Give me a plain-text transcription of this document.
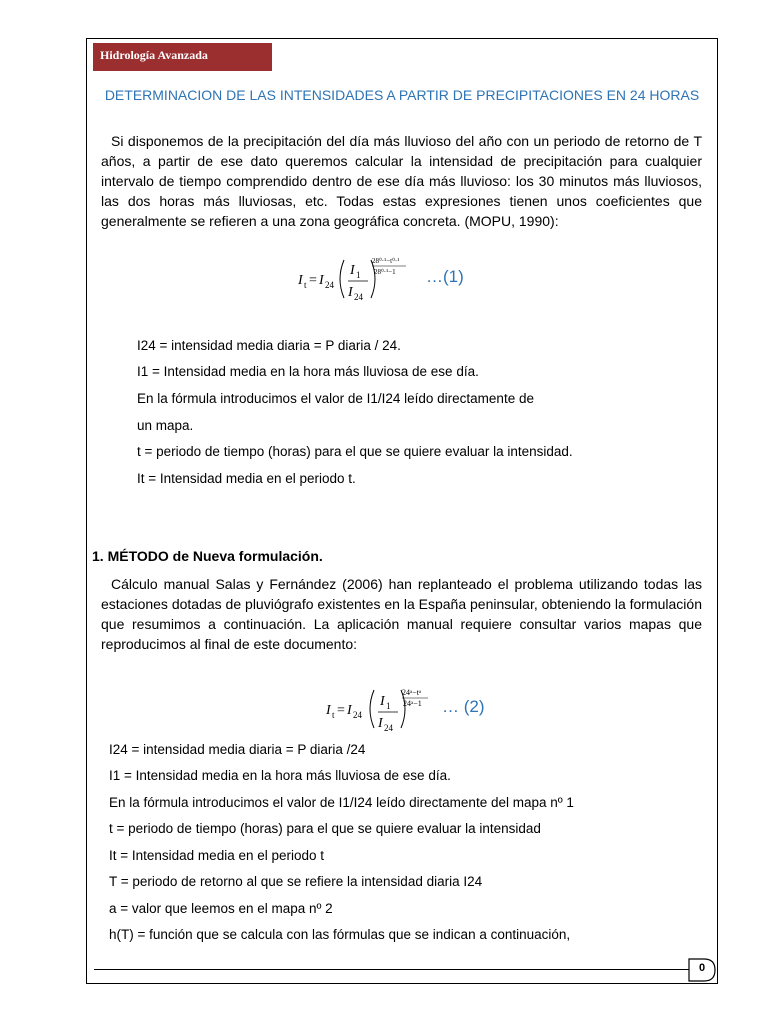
Hidrología Avanzada
DETERMINACION DE LAS INTENSIDADES A PARTIR DE PRECIPITACIONES EN 24 HORAS
Si disponemos de la precipitación del día más lluvioso del año con un periodo de retorno de T años, a partir de ese dato queremos calcular la intensidad de precipitación para cualquier intervalo de tiempo comprendido dentro de ese día más lluvioso: los 30 minutos más lluviosos, las dos horas más lluviosas, etc. Todas estas expresiones tienen unos coeficientes que generalmente se refieren a una zona geográfica concreta. (MOPU, 1990):
I t = I 24
I 1
I 24
28⁰·¹−t⁰·¹
28⁰·¹−1 …(1)
I24 = intensidad media diaria = P diaria / 24.
I1 = Intensidad media en la hora más lluviosa de ese día.
En la fórmula introducimos el valor de I1/I24 leído directamente de
un mapa.
t = periodo de tiempo (horas) para el que se quiere evaluar la intensidad.
It = Intensidad media en el periodo t.
1. MÉTODO de Nueva formulación.
Cálculo manual Salas y Fernández (2006) han replanteado el problema utilizando todas las estaciones dotadas de pluviógrafo existentes en la España peninsular, obteniendo la formulación que resumimos a continuación. La aplicación manual requiere consultar varios mapas que reproducimos al final de este documento:
I t = I 24
I 1
I 24
24ᵃ−tᵃ
24ᵃ−1 … (2)
I24 = intensidad media diaria = P diaria /24
I1 = Intensidad media en la hora más lluviosa de ese día.
En la fórmula introducimos el valor de I1/I24 leído directamente del mapa nº 1
t = periodo de tiempo (horas) para el que se quiere evaluar la intensidad
It = Intensidad media en el periodo t
T = periodo de retorno al que se refiere la intensidad diaria I24
a = valor que leemos en el mapa nº 2
h(T) = función que se calcula con las fórmulas que se indican a continuación,
0
